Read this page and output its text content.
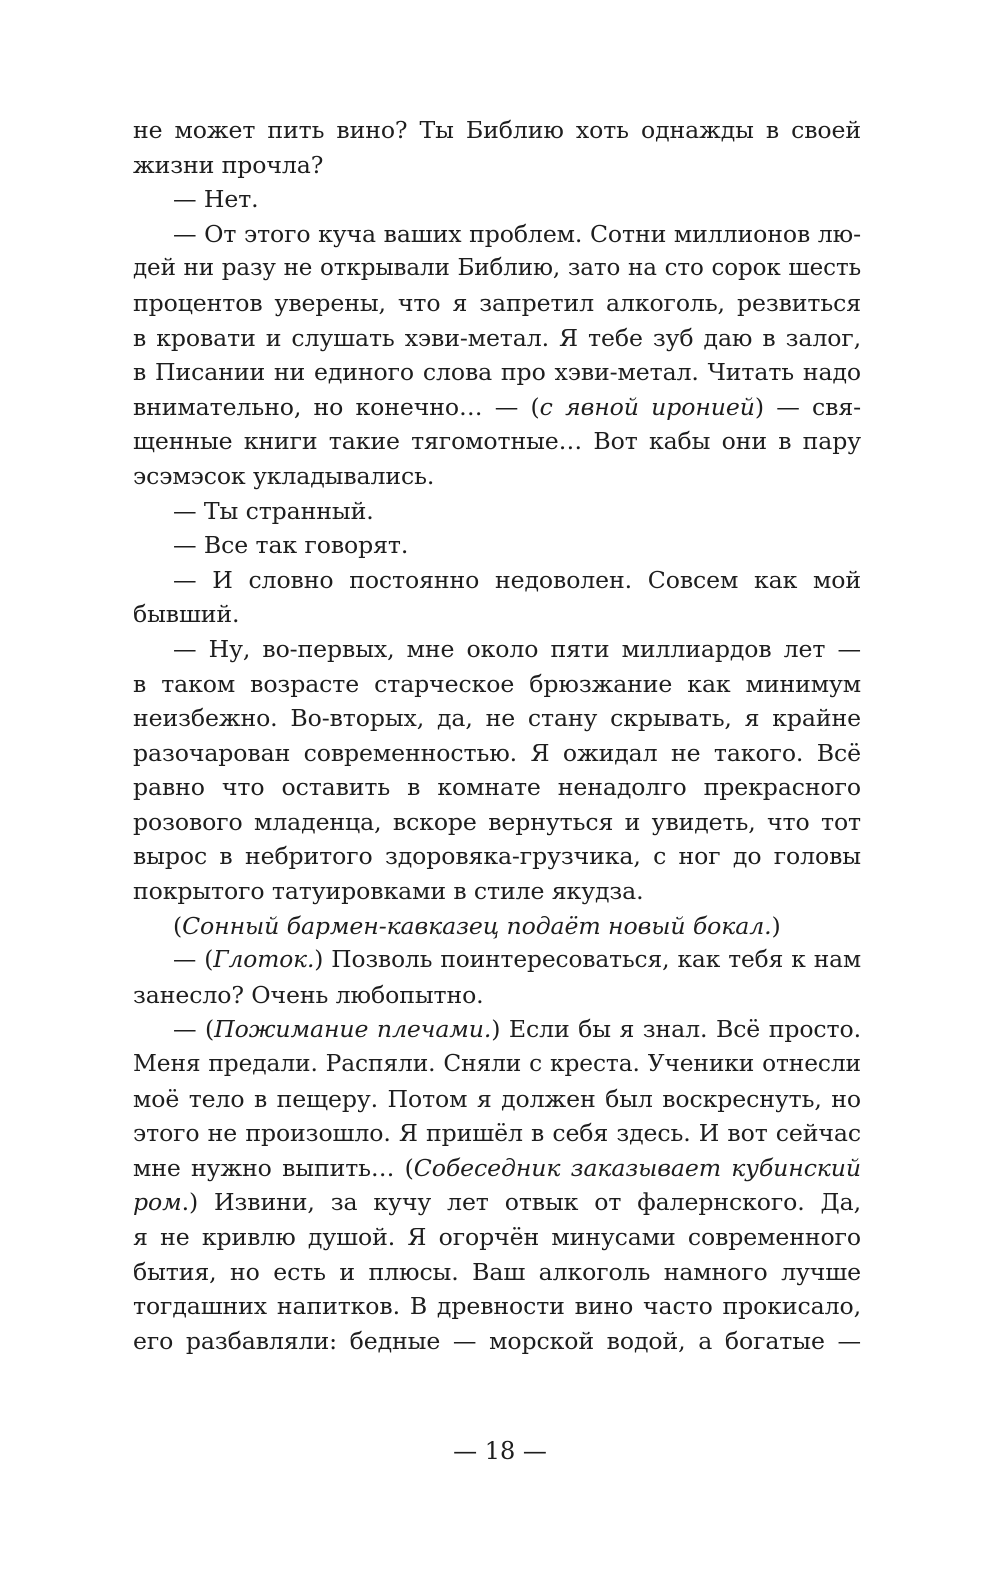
не может пить вино? Ты Библию хоть однажды в своей
жизни прочла?
— Нет.
— От этого куча ваших проблем. Сотни миллионов лю-
дей ни разу не открывали Библию, зато на сто сорок шесть
процентов уверены, что я запретил алкоголь, резвиться
в кровати и слушать хэви-метал. Я тебе зуб даю в залог,
в Писании ни единого слова про хэви-метал. Читать надо
внимательно, но конечно… — (с явной иронией) — свя-
щенные книги такие тягомотные… Вот кабы они в пару
эсэмэсок укладывались.
— Ты странный.
— Все так говорят.
— И словно постоянно недоволен. Совсем как мой
бывший.
— Ну, во-первых, мне около пяти миллиардов лет —
в таком возрасте старческое брюзжание как минимум
неизбежно. Во-вторых, да, не стану скрывать, я крайне
разочарован современностью. Я ожидал не такого. Всё
равно что оставить в комнате ненадолго прекрасного
розового младенца, вскоре вернуться и увидеть, что тот
вырос в небритого здоровяка-грузчика, с ног до головы
покрытого татуировками в стиле якудза.
(Сонный бармен-кавказец подаёт новый бокал.)
— (Глоток.) Позволь поинтересоваться, как тебя к нам
занесло? Очень любопытно.
— (Пожимание плечами.) Если бы я знал. Всё просто.
Меня предали. Распяли. Сняли с креста. Ученики отнесли
моё тело в пещеру. Потом я должен был воскреснуть, но
этого не произошло. Я пришёл в себя здесь. И вот сейчас
мне нужно выпить… (Собеседник заказывает кубинский
ром.) Извини, за кучу лет отвык от фалернского. Да,
я не кривлю душой. Я огорчён минусами современного
бытия, но есть и плюсы. Ваш алкоголь намного лучше
тогдашних напитков. В древности вино часто прокисало,
его разбавляли: бедные — морской водой, а богатые —
— 18 —
